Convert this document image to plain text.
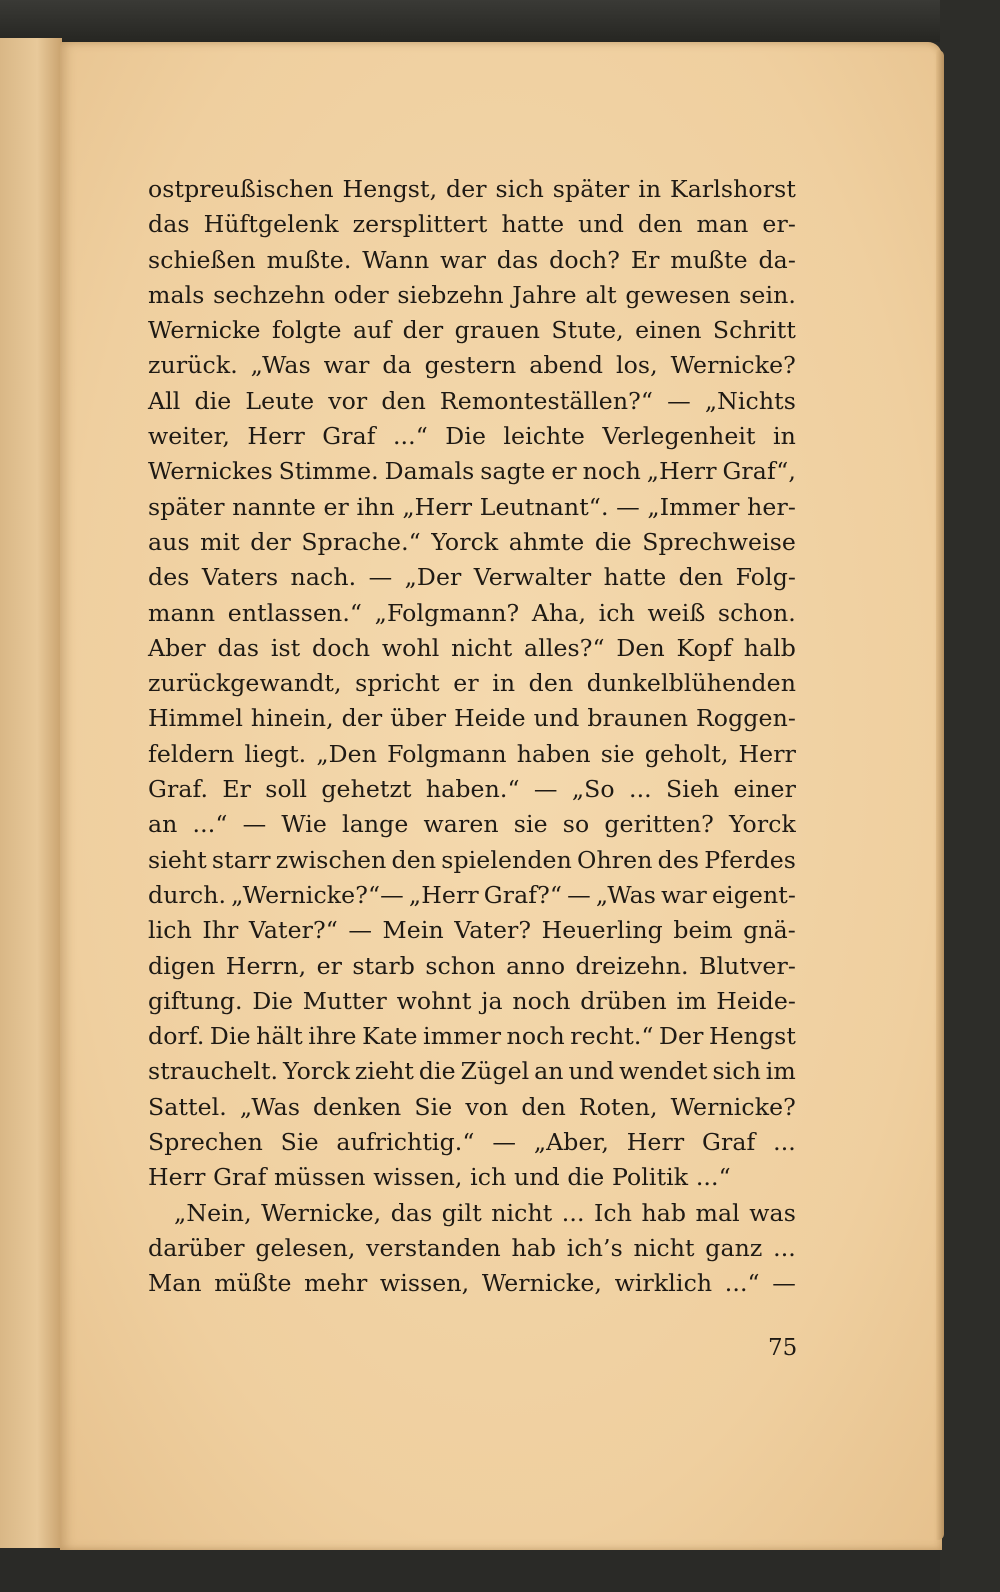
ostpreußischen Hengst, der sich später in Karlshorst
das Hüftgelenk zersplittert hatte und den man er-
schießen mußte. Wann war das doch? Er mußte da-
mals sechzehn oder siebzehn Jahre alt gewesen sein.
Wernicke folgte auf der grauen Stute, einen Schritt
zurück. „Was war da gestern abend los, Wernicke?
All die Leute vor den Remonteställen?“ — „Nichts
weiter, Herr Graf ...“ Die leichte Verlegenheit in
Wernickes Stimme. Damals sagte er noch „Herr Graf“,
später nannte er ihn „Herr Leutnant“. — „Immer her-
aus mit der Sprache.“ Yorck ahmte die Sprechweise
des Vaters nach. — „Der Verwalter hatte den Folg-
mann entlassen.“ „Folgmann? Aha, ich weiß schon.
Aber das ist doch wohl nicht alles?“ Den Kopf halb
zurückgewandt, spricht er in den dunkelblühenden
Himmel hinein, der über Heide und braunen Roggen-
feldern liegt. „Den Folgmann haben sie geholt, Herr
Graf. Er soll gehetzt haben.“ — „So ... Sieh einer
an ...“ — Wie lange waren sie so geritten? Yorck
sieht starr zwischen den spielenden Ohren des Pferdes
durch. „Wernicke?“— „Herr Graf?“ — „Was war eigent-
lich Ihr Vater?“ — Mein Vater? Heuerling beim gnä-
digen Herrn, er starb schon anno dreizehn. Blutver-
giftung. Die Mutter wohnt ja noch drüben im Heide-
dorf. Die hält ihre Kate immer noch recht.“ Der Hengst
strauchelt. Yorck zieht die Zügel an und wendet sich im
Sattel. „Was denken Sie von den Roten, Wernicke?
Sprechen Sie aufrichtig.“ — „Aber, Herr Graf ...
Herr
Graf
müssen
wissen,
ich
und
die
Politik
...“
„Nein,
Wernicke,
das
gilt
nicht
...
Ich
hab
mal
was
darüber gelesen, verstanden hab ich’s nicht ganz ...
Man müßte mehr wissen, Wernicke, wirklich ...“ —
75
